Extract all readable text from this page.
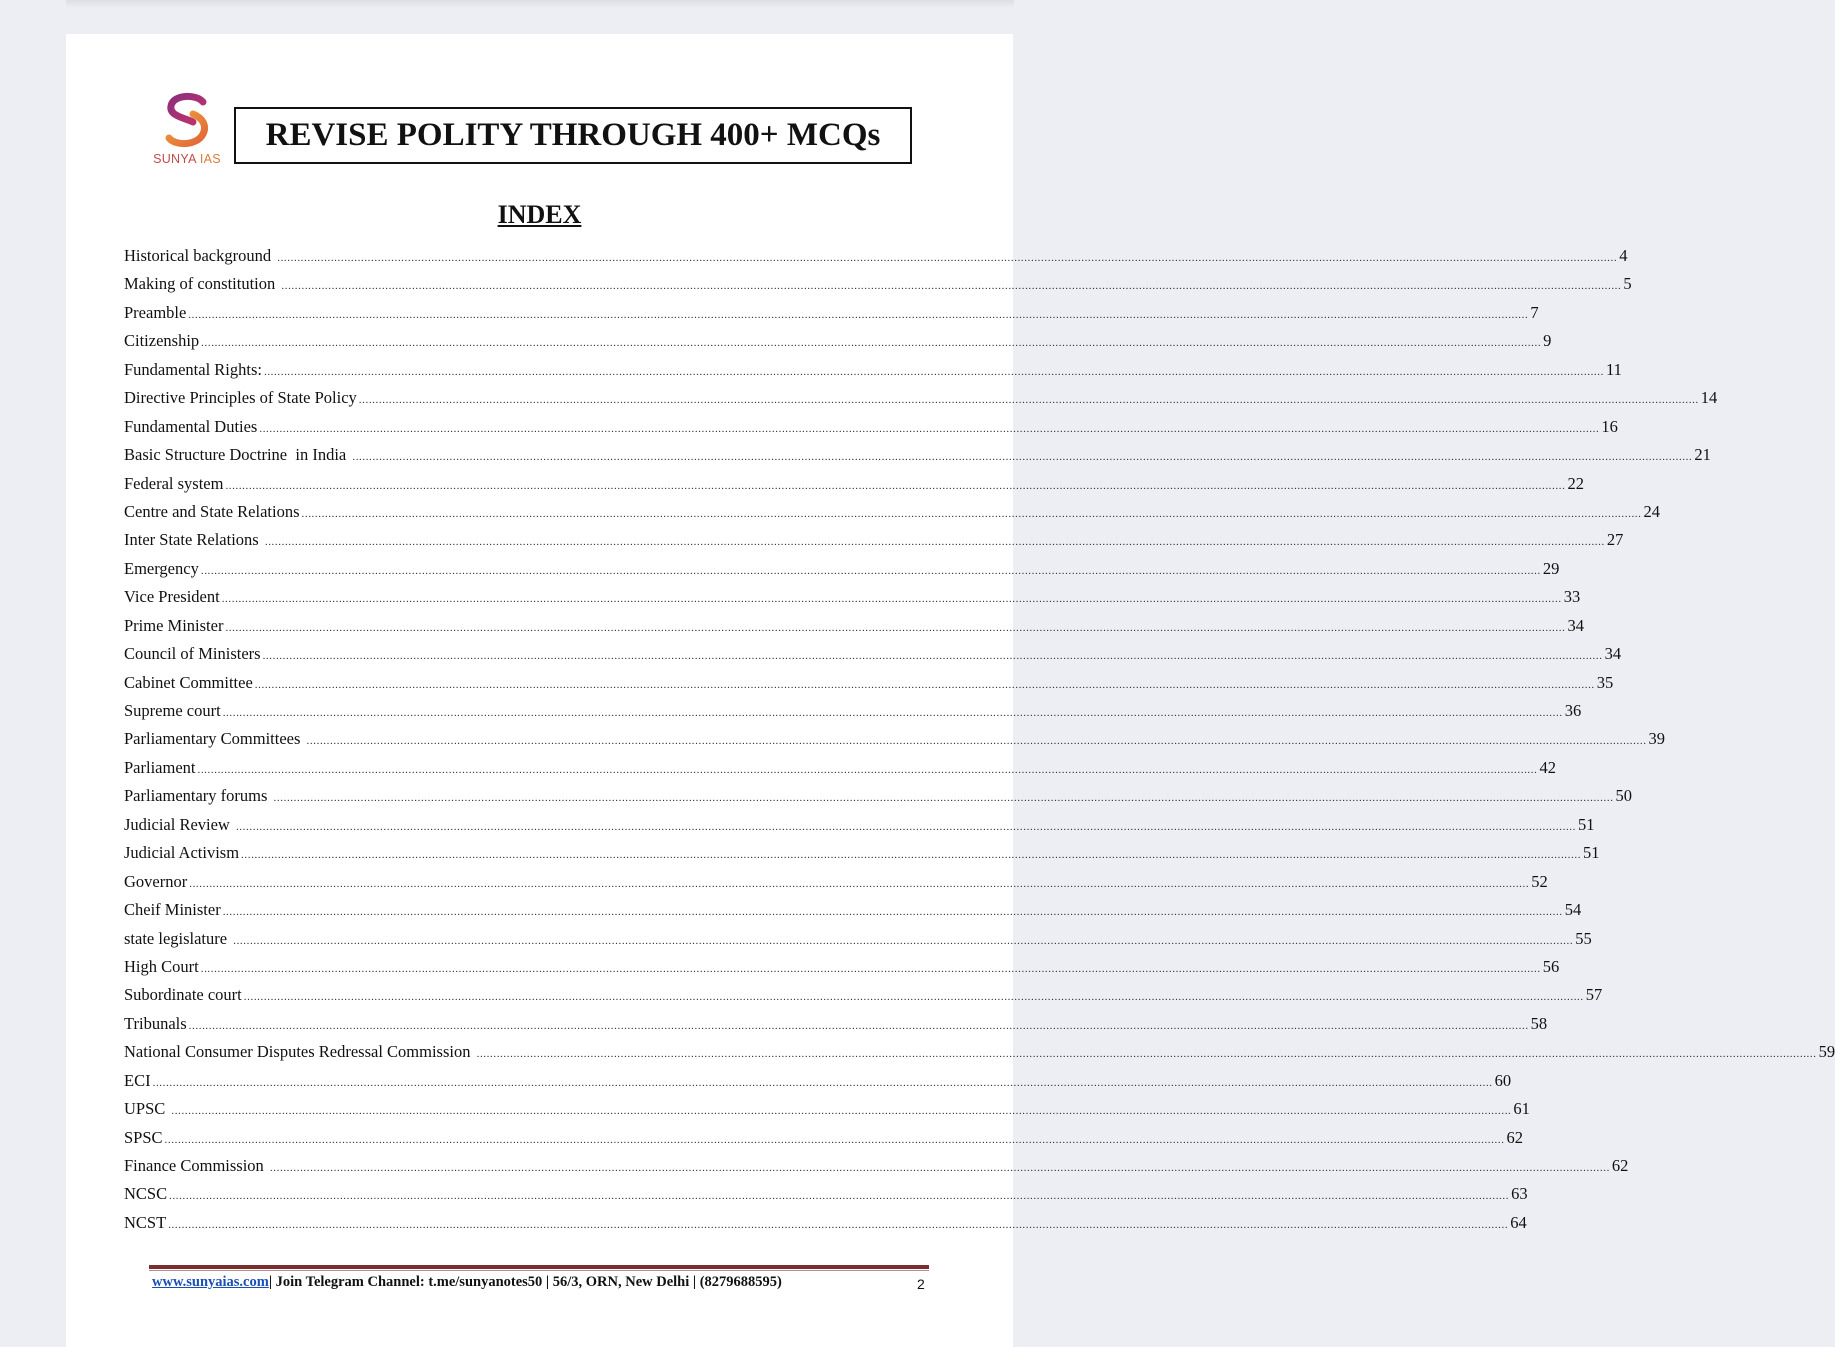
SUNYA IAS
REVISE POLITY THROUGH 400+ MCQs
INDEX
Historical background ................................................................................................................................................................................................................................................................................................................................................................................................................ 4
Making of constitution ................................................................................................................................................................................................................................................................................................................................................................................................................ 5
Preamble ................................................................................................................................................................................................................................................................................................................................................................................................................ 7
Citizenship ................................................................................................................................................................................................................................................................................................................................................................................................................ 9
Fundamental Rights: ................................................................................................................................................................................................................................................................................................................................................................................................................ 11
Directive Principles of State Policy ................................................................................................................................................................................................................................................................................................................................................................................................................ 14
Fundamental Duties ................................................................................................................................................................................................................................................................................................................................................................................................................ 16
Basic Structure Doctrine  in India ................................................................................................................................................................................................................................................................................................................................................................................................................ 21
Federal system ................................................................................................................................................................................................................................................................................................................................................................................................................ 22
Centre and State Relations ................................................................................................................................................................................................................................................................................................................................................................................................................ 24
Inter State Relations ................................................................................................................................................................................................................................................................................................................................................................................................................ 27
Emergency ................................................................................................................................................................................................................................................................................................................................................................................................................ 29
Vice President ................................................................................................................................................................................................................................................................................................................................................................................................................ 33
Prime Minister ................................................................................................................................................................................................................................................................................................................................................................................................................ 34
Council of Ministers ................................................................................................................................................................................................................................................................................................................................................................................................................ 34
Cabinet Committee ................................................................................................................................................................................................................................................................................................................................................................................................................ 35
Supreme court ................................................................................................................................................................................................................................................................................................................................................................................................................ 36
Parliamentary Committees ................................................................................................................................................................................................................................................................................................................................................................................................................ 39
Parliament ................................................................................................................................................................................................................................................................................................................................................................................................................ 42
Parliamentary forums ................................................................................................................................................................................................................................................................................................................................................................................................................ 50
Judicial Review ................................................................................................................................................................................................................................................................................................................................................................................................................ 51
Judicial Activism ................................................................................................................................................................................................................................................................................................................................................................................................................ 51
Governor ................................................................................................................................................................................................................................................................................................................................................................................................................ 52
Cheif Minister ................................................................................................................................................................................................................................................................................................................................................................................................................ 54
state legislature ................................................................................................................................................................................................................................................................................................................................................................................................................ 55
High Court ................................................................................................................................................................................................................................................................................................................................................................................................................ 56
Subordinate court ................................................................................................................................................................................................................................................................................................................................................................................................................ 57
Tribunals ................................................................................................................................................................................................................................................................................................................................................................................................................ 58
National Consumer Disputes Redressal Commission ................................................................................................................................................................................................................................................................................................................................................................................................................ 59
ECI ................................................................................................................................................................................................................................................................................................................................................................................................................ 60
UPSC ................................................................................................................................................................................................................................................................................................................................................................................................................ 61
SPSC ................................................................................................................................................................................................................................................................................................................................................................................................................ 62
Finance Commission ................................................................................................................................................................................................................................................................................................................................................................................................................ 62
NCSC ................................................................................................................................................................................................................................................................................................................................................................................................................ 63
NCST ................................................................................................................................................................................................................................................................................................................................................................................................................ 64
www.sunyaias.com| Join Telegram Channel: t.me/sunyanotes50 | 56/3, ORN, New Delhi | (8279688595)	2
